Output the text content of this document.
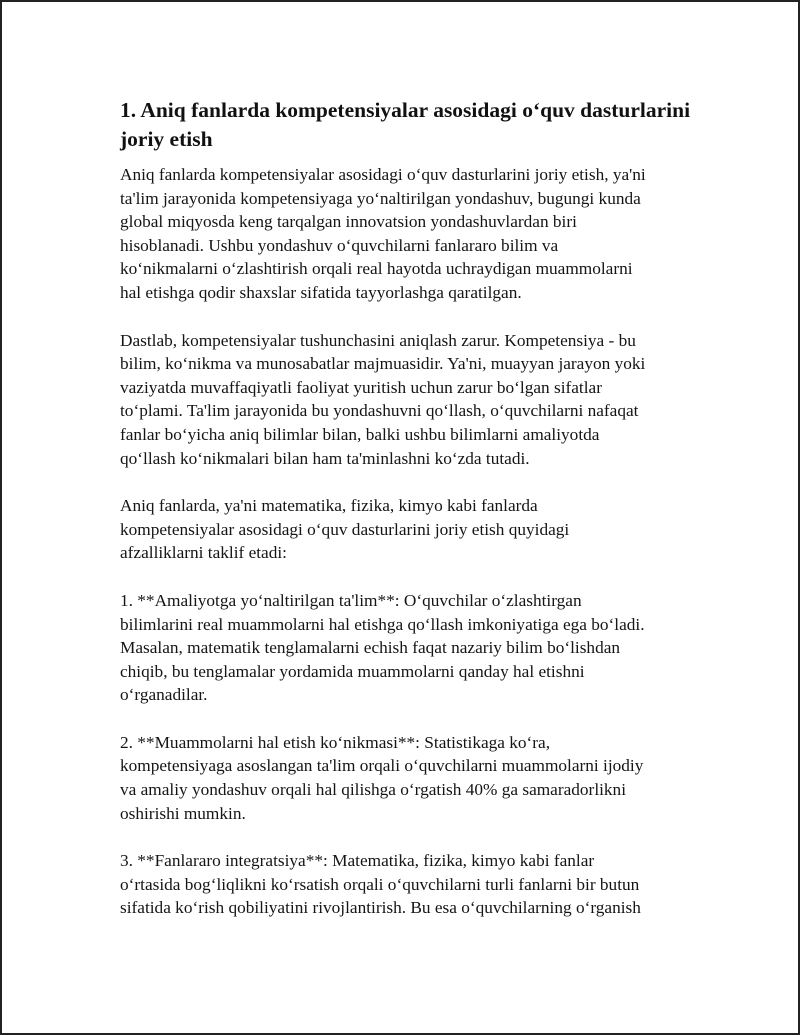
1. Aniq fanlarda kompetensiyalar asosidagi o‘quv dasturlarini
joriy etish

Aniq fanlarda kompetensiyalar asosidagi o‘quv dasturlarini joriy etish, ya'ni
ta'lim jarayonida kompetensiyaga yo‘naltirilgan yondashuv, bugungi kunda
global miqyosda keng tarqalgan innovatsion yondashuvlardan biri
hisoblanadi. Ushbu yondashuv o‘quvchilarni fanlararo bilim va
ko‘nikmalarni o‘zlashtirish orqali real hayotda uchraydigan muammolarni
hal etishga qodir shaxslar sifatida tayyorlashga qaratilgan.

Dastlab, kompetensiyalar tushunchasini aniqlash zarur. Kompetensiya - bu
bilim, ko‘nikma va munosabatlar majmuasidir. Ya'ni, muayyan jarayon yoki
vaziyatda muvaffaqiyatli faoliyat yuritish uchun zarur bo‘lgan sifatlar
to‘plami. Ta'lim jarayonida bu yondashuvni qo‘llash, o‘quvchilarni nafaqat
fanlar bo‘yicha aniq bilimlar bilan, balki ushbu bilimlarni amaliyotda
qo‘llash ko‘nikmalari bilan ham ta'minlashni ko‘zda tutadi.

Aniq fanlarda, ya'ni matematika, fizika, kimyo kabi fanlarda
kompetensiyalar asosidagi o‘quv dasturlarini joriy etish quyidagi
afzalliklarni taklif etadi:

1. **Amaliyotga yo‘naltirilgan ta'lim**: O‘quvchilar o‘zlashtirgan
bilimlarini real muammolarni hal etishga qo‘llash imkoniyatiga ega bo‘ladi.
Masalan, matematik tenglamalarni echish faqat nazariy bilim bo‘lishdan
chiqib, bu tenglamalar yordamida muammolarni qanday hal etishni
o‘rganadilar.

2. **Muammolarni hal etish ko‘nikmasi**: Statistikaga ko‘ra,
kompetensiyaga asoslangan ta'lim orqali o‘quvchilarni muammolarni ijodiy
va amaliy yondashuv orqali hal qilishga o‘rgatish 40% ga samaradorlikni
oshirishi mumkin.

3. **Fanlararo integratsiya**: Matematika, fizika, kimyo kabi fanlar
o‘rtasida bog‘liqlikni ko‘rsatish orqali o‘quvchilarni turli fanlarni bir butun
sifatida ko‘rish qobiliyatini rivojlantirish. Bu esa o‘quvchilarning o‘rganish
